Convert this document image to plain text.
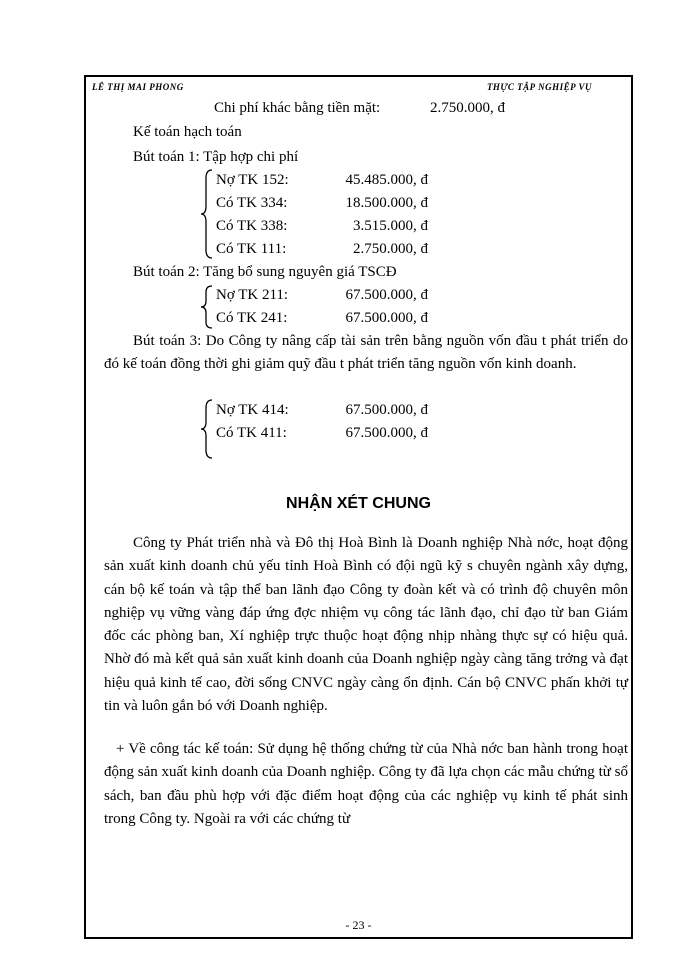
LÊ THỊ MAI PHONG	THỰC TẬP NGHIỆP VỤ
Chi phí khác bằng tiền mặt:	2.750.000, đ
Kế toán hạch toán
Bút toán 1: Tập hợp chi phí
Nợ TK 152:	45.485.000, đ
Có TK 334:	18.500.000, đ
Có TK 338:	3.515.000, đ
Có TK 111:	2.750.000, đ
Bút toán 2: Tăng bổ sung nguyên giá TSCĐ
Nợ TK 211:	67.500.000, đ
Có TK 241:	67.500.000, đ

Bút toán 3: Do Công ty nâng cấp tài sản trên bằng nguồn vốn đầu t phát triển do đó kế toán đồng thời ghi giảm quỹ đầu t phát triển tăng nguồn vốn kinh doanh.

Nợ TK 414:	67.500.000, đ
Có TK 411:	67.500.000, đ
NHẬN XÉT CHUNG

Công ty Phát triển nhà và Đô thị Hoà Bình là Doanh nghiệp Nhà nớc, hoạt động sản xuất kinh doanh chủ yếu tỉnh Hoà Bình có đội ngũ kỹ s chuyên ngành xây dựng, cán bộ kế toán và tập thể ban lãnh đạo Công ty đoàn kết và có trình độ chuyên môn nghiệp vụ vững vàng đáp ứng đợc nhiệm vụ công tác lãnh đạo, chỉ đạo từ ban Giám đốc các phòng ban, Xí nghiệp trực thuộc hoạt động nhịp nhàng thực sự có hiệu quả. Nhờ đó mà kết quả sản xuất kinh doanh của Doanh nghiệp ngày càng tăng trởng và đạt hiệu quả kinh tế cao, đời sống CNVC ngày càng ổn định. Cán bộ CNVC phấn khởi tự tin và luôn gắn bó với Doanh nghiệp.

+ Về công tác kế toán: Sử dụng hệ thống chứng từ của Nhà nớc ban hành trong hoạt động sản xuất kinh doanh của Doanh nghiệp. Công ty đã lựa chọn các mẫu chứng từ sổ sách, ban đầu phù hợp với đặc điểm hoạt động của các nghiệp vụ kinh tế phát sinh trong Công ty. Ngoài ra với các chứng từ

- 23 -
